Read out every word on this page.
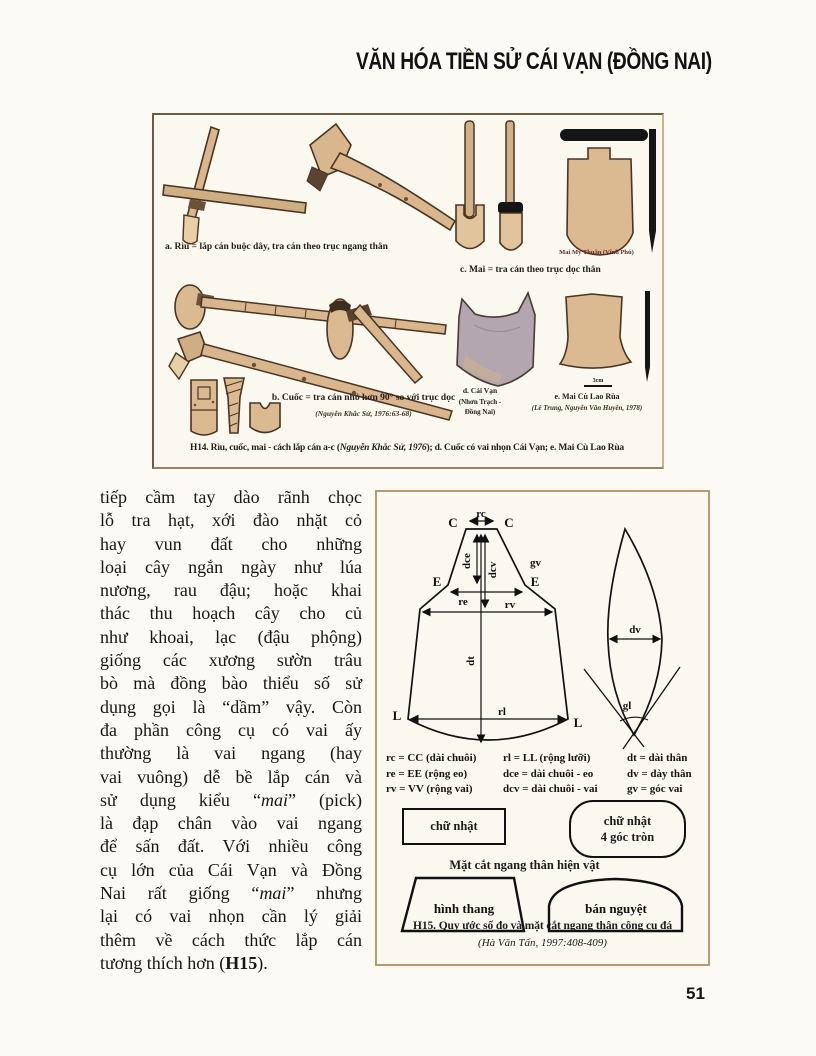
VĂN HÓA TIỀN SỬ CÁI VẠN (ĐỒNG NAI)
a. Rìu = lắp cán buộc dây, tra cán theo trục ngang thân
Mai Mỹ Thuận (Vĩnh Phú)
c. Mai = tra cán theo trục dọc thân
b. Cuốc = tra cán nhỏ hơn 90° so với trục dọc
(Nguyễn Khắc Sử, 1976:63-68)
d. Cái Vạn
(Nhơn Trạch -
Đồng Nai)
3cm
e. Mai Cù Lao Rùa
(Lê Trung, Nguyễn Văn Huyên, 1978)
H14. Rìu, cuốc, mai - cách lắp cán a-c (Nguyễn Khắc Sử, 1976); d. Cuốc có vai nhọn Cái Vạn; e. Mai Cù Lao Rùa
tiếp cầm tay dào rãnh chọc
lỗ tra hạt, xới đào nhặt cỏ
hay vun đất cho những
loại cây ngắn ngày như lúa
nương, rau đậu; hoặc khai
thác thu hoạch cây cho củ
như khoai, lạc (đậu phộng)
giống các xương sườn trâu
bò mà đồng bào thiểu số sử
dụng gọi là “dầm” vậy. Còn
đa phần công cụ có vai ấy
thường là vai ngang (hay
vai vuông) dễ bề lắp cán và
sử dụng kiểu “mai” (pick)
là đạp chân vào vai ngang
để sấn đất. Với nhiều công
cụ lớn của Cái Vạn và Đồng
Nai rất giống “mai” nhưng
lại có vai nhọn cần lý giải
thêm về cách thức lắp cán
tương thích hơn (H15).
C	C
rc
dce
dcv	gv
E	E
re	rv
dt
rl
L	L
dv
gl
rc = CC (dài chuôi)	rl = LL (rộng lưỡi)	dt = dài thân
re = EE (rộng eo)	dce = dài chuôi - eo	dv = dày thân
rv = VV (rộng vai)	dcv = dài chuôi - vai	gv = góc vai
chữ nhật	chữ nhật
4 góc tròn
Mặt cắt ngang thân hiện vật
hình thang	bán nguyệt
H15. Quy ước số đo và mặt cắt ngang thân công cụ đá
(Hà Văn Tấn, 1997:408-409)
51
